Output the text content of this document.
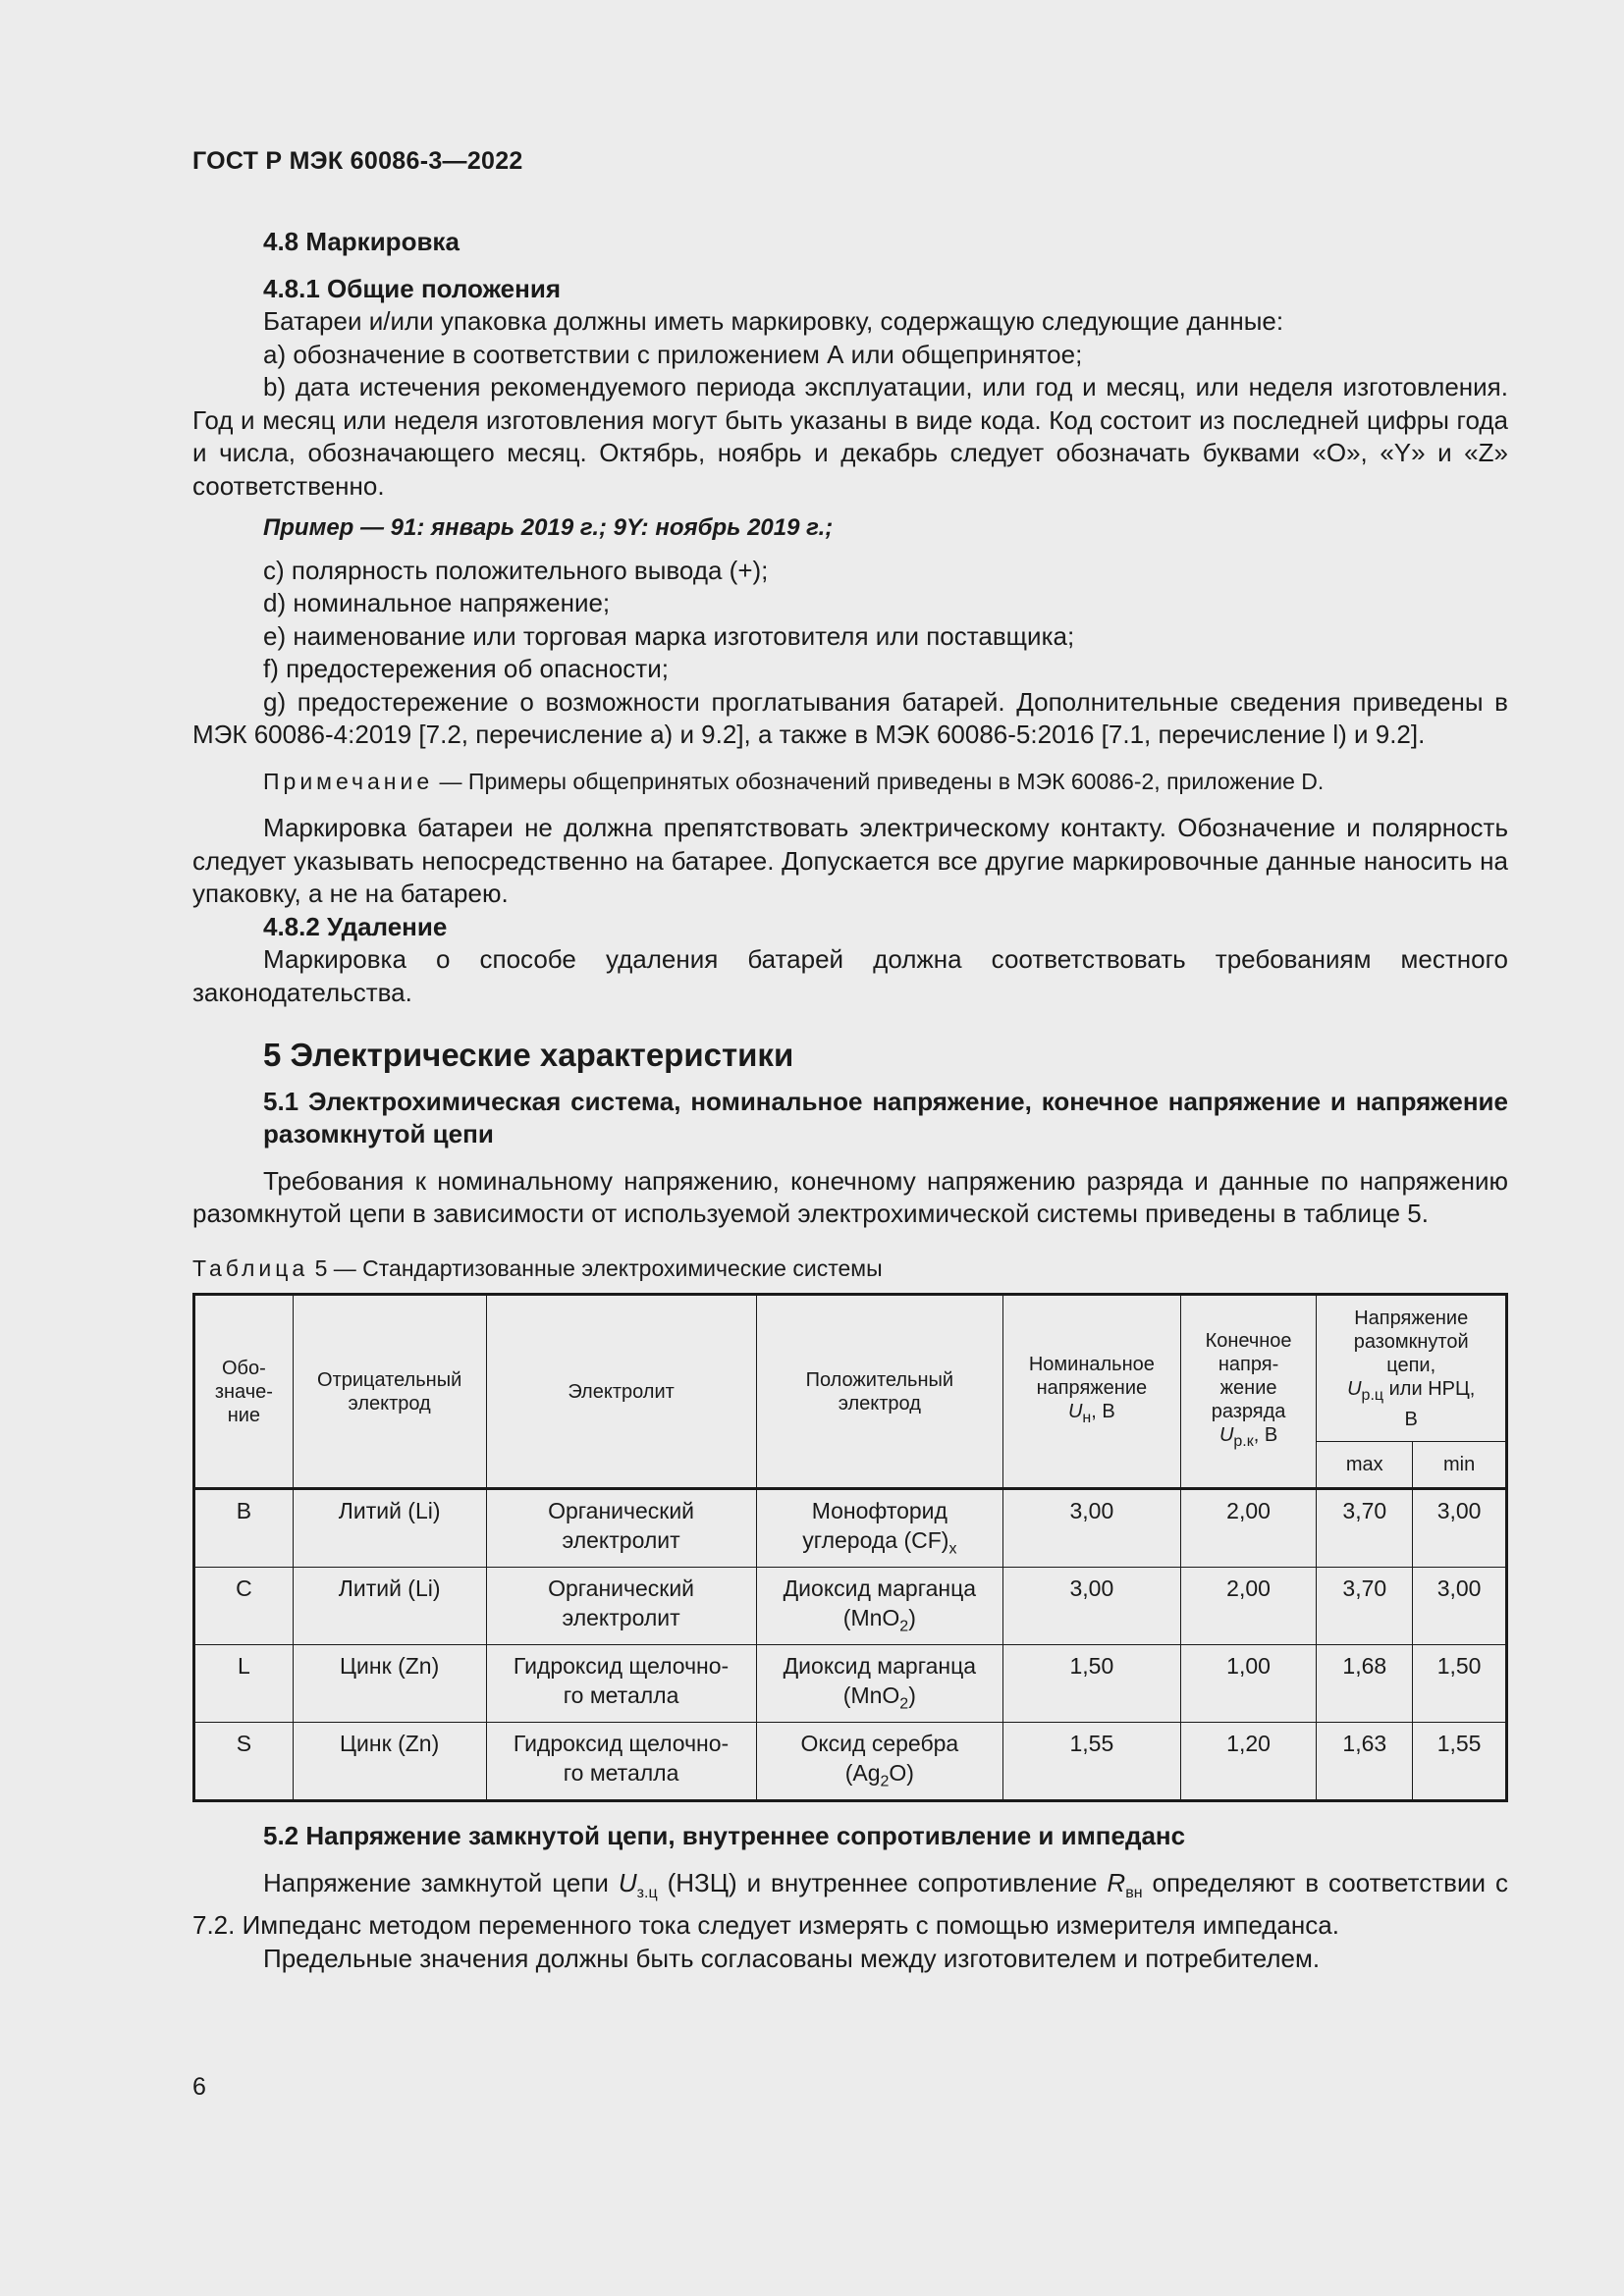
ГОСТ Р МЭК 60086-3—2022

4.8 Маркировка

4.8.1 Общие положения

Батареи и/или упаковка должны иметь маркировку, содержащую следующие данные:

a) обозначение в соответствии с приложением А или общепринятое;

b) дата истечения рекомендуемого периода эксплуатации, или год и месяц, или неделя изготовления. Год и месяц или неделя изготовления могут быть указаны в виде кода. Код состоит из последней цифры года и числа, обозначающего месяц. Октябрь, ноябрь и декабрь следует обозначать буквами «O», «Y» и «Z» соответственно.

Пример — 91: январь 2019 г.; 9Y: ноябрь 2019 г.;

c) полярность положительного вывода (+);

d) номинальное напряжение;

e) наименование или торговая марка изготовителя или поставщика;

f) предостережения об опасности;

g) предостережение о возможности проглатывания батарей. Дополнительные сведения приведены в МЭК 60086-4:2019 [7.2, перечисление a) и 9.2], а также в МЭК 60086-5:2016 [7.1, перечисление l) и 9.2].

Примечание — Примеры общепринятых обозначений приведены в МЭК 60086-2, приложение D.

Маркировка батареи не должна препятствовать электрическому контакту. Обозначение и полярность следует указывать непосредственно на батарее. Допускается все другие маркировочные данные наносить на упаковку, а не на батарею.

4.8.2 Удаление

Маркировка о способе удаления батарей должна соответствовать требованиям местного законодательства.

5 Электрические характеристики

5.1 Электрохимическая система, номинальное напряжение, конечное напряжение и напряжение разомкнутой цепи

Требования к номинальному напряжению, конечному напряжению разряда и данные по напряжению разомкнутой цепи в зависимости от используемой электрохимической системы приведены в таблице 5.

Таблица 5 — Стандартизованные электрохимические системы

Обо-
значе-
ние	Отрицательный
электрод	Электролит	Положительный
электрод	Номинальное
напряжение
$U_н$, В	Конечное
напря-
жение
разряда
$U_{р.к}$, В	Напряжение
разомкнутой
цепи,
$U_{р.ц}$ или НРЦ,
В	
						max	min
B	Литий (Li)	Органический
электролит	Монофторид
углерода $(CF)_x$	3,00	2,00	3,70	3,00
C	Литий (Li)	Органический
электролит	Диоксид марганца
(MnO$_2$)	3,00	2,00	3,70	3,00
L	Цинк (Zn)	Гидроксид щелочно-
го металла	Диоксид марганца
(MnO$_2$)	1,50	1,00	1,68	1,50
S	Цинк (Zn)	Гидроксид щелочно-
го металла	Оксид серебра
$(Ag_2O)$	1,55	1,20	1,63	1,55

5.2 Напряжение замкнутой цепи, внутреннее сопротивление и импеданс

Напряжение замкнутой цепи $U_{з.ц}$ (НЗЦ) и внутреннее сопротивление $R_{вн}$ определяют в соответствии с 7.2. Импеданс методом переменного тока следует измерять с помощью измерителя импеданса.

Предельные значения должны быть согласованы между изготовителем и потребителем.

6
